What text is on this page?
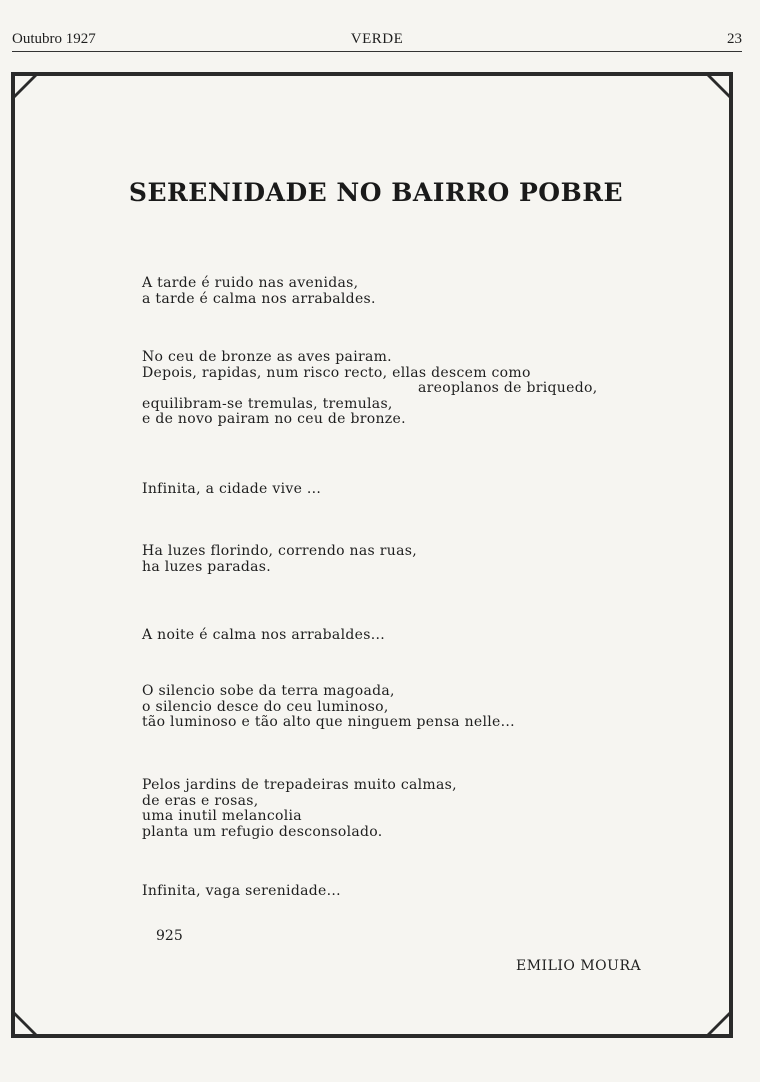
Outubro 1927	VERDE	23
SERENIDADE NO BAIRRO POBRE

A tarde é ruido nas avenidas,
a tarde é calma nos arrabaldes.

No ceu de bronze as aves pairam.
Depois, rapidas, num risco recto, ellas descem como

areoplanos de briquedo,
equilibram-se tremulas, tremulas,
e de novo pairam no ceu de bronze.

Infinita, a cidade vive ...

Ha luzes florindo, correndo nas ruas,
ha luzes paradas.

A noite é calma nos arrabaldes...

O silencio sobe da terra magoada,
o silencio desce do ceu luminoso,
tão luminoso e tão alto que ninguem pensa nelle...

Pelos jardins de trepadeiras muito calmas,
de eras e rosas,
uma inutil melancolia
planta um refugio desconsolado.

Infinita, vaga serenidade...

925
EMILIO MOURA
